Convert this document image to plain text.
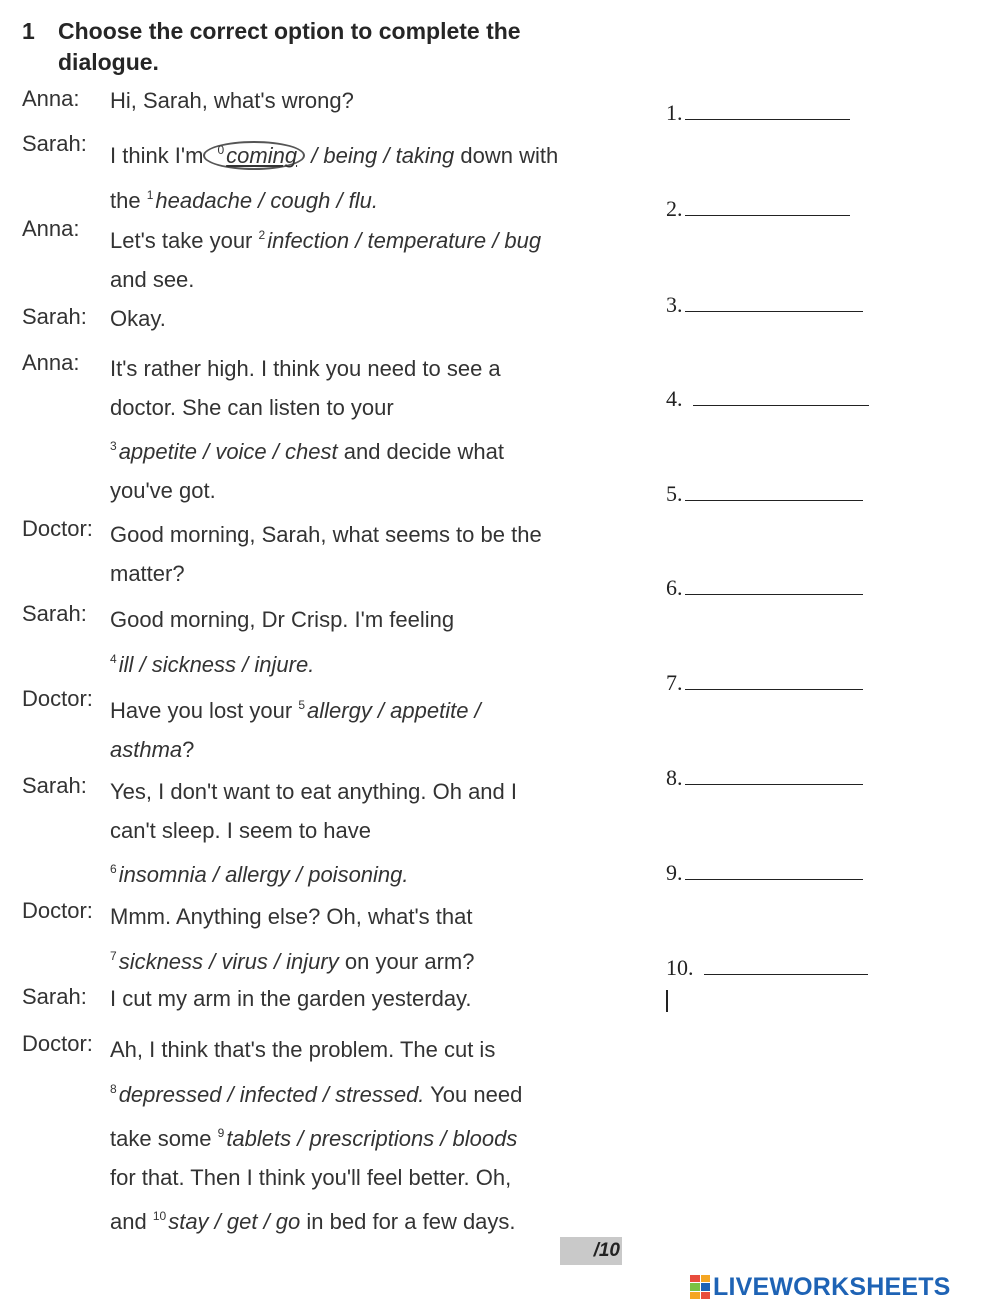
1 Choose the correct option to complete the dialogue.
Anna: Hi, Sarah, what's wrong?
Sarah: I think I'm $^0$coming / being / taking down with
the $^1$headache / cough / flu.
Anna: Let's take your $^2$infection / temperature / bug
and see.
Sarah: Okay.
Anna: It's rather high. I think you need to see a
doctor. She can listen to your
$^3$appetite / voice / chest and decide what
you've got.
Doctor: Good morning, Sarah, what seems to be the
matter?
Sarah: Good morning, Dr Crisp. I'm feeling
$^4$ill / sickness / injure.
Doctor: Have you lost your $^5$allergy / appetite /
asthma?
Sarah: Yes, I don't want to eat anything. Oh and I
can't sleep. I seem to have
$^6$insomnia / allergy / poisoning.
Doctor: Mmm. Anything else? Oh, what's that
$^7$sickness / virus / injury on your arm?
Sarah: I cut my arm in the garden yesterday.
Doctor: Ah, I think that's the problem. The cut is
$^8$depressed / infected / stressed. You need
take some $^9$tablets / prescriptions / bloods
for that. Then I think you'll feel better. Oh,
and $^{10}$stay / get / go in bed for a few days.
1.
2.
3.
4.
5.
6.
7.
8.
9.
10.
/10
LIVEWORKSHEETS
